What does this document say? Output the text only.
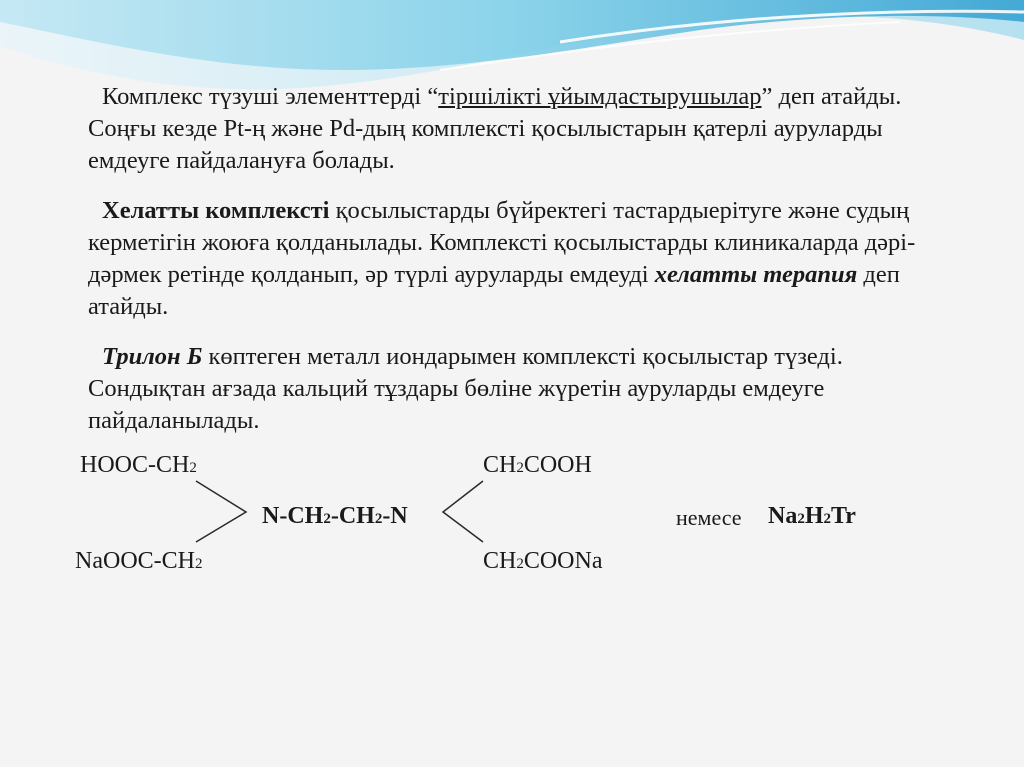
Комплекс түзуші элементтерді “тіршілікті ұйымдастырушылар” деп атайды. Соңғы кезде Pt-ң және Pd-дың комплексті қосылыстарын қатерлі ауруларды емдеуге пайдалануға болады.
Хелатты комплексті қосылыстарды бүйректегі тастардыерітуге және судың керметігін жоюға қолданылады. Комплексті қосылыстарды клиникаларда дәрі-дәрмек ретінде қолданып, әр түрлі ауруларды емдеуді хелатты терапия деп атайды.
Трилон Б көптеген металл иондарымен комплексті қосылыстар түзеді. Сондықтан ағзада кальций тұздары бөліне жүретін ауруларды емдеуге пайдаланылады.
HOOC-CH2	CH2COOH
N-CH2-CH2-N	немесе Na2H2Tr
NaOOC-CH2	CH2COONa
